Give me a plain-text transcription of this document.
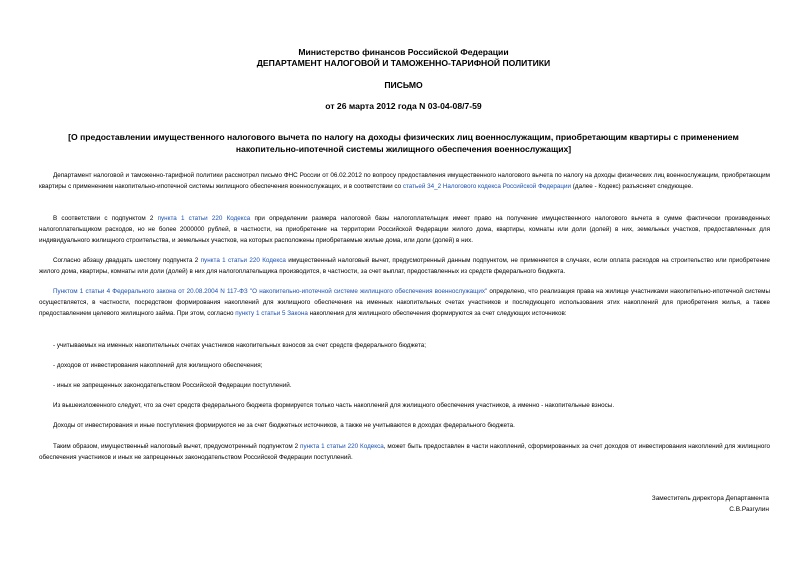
Министерство финансов Российской Федерации
ДЕПАРТАМЕНТ НАЛОГОВОЙ И ТАМОЖЕННО-ТАРИФНОЙ ПОЛИТИКИ
ПИСЬМО
от 26 марта 2012 года N 03-04-08/7-59
[О предоставлении имущественного налогового вычета по налогу на доходы физических лиц военнослужащим, приобретающим квартиры с применением накопительно-ипотечной системы жилищного обеспечения военнослужащих]

Департамент налоговой и таможенно-тарифной политики рассмотрел письмо ФНС России от 06.02.2012 по вопросу предоставления имущественного налогового вычета по налогу на доходы физических лиц военнослужащим, приобретающим квартиры с применением накопительно-ипотечной системы жилищного обеспечения военнослужащих, и в соответствии со статьей 34_2 Налогового кодекса Российской Федерации (далее - Кодекс) разъясняет следующее.

В соответствии с подпунктом 2 пункта 1 статьи 220 Кодекса при определении размера налоговой базы налогоплательщик имеет право на получение имущественного налогового вычета в сумме фактически произведенных налогоплательщиком расходов, но не более 2000000 рублей, в частности, на приобретение на территории Российской Федерации жилого дома, квартиры, комнаты или доли (долей) в них, земельных участков, предоставленных для индивидуального жилищного строительства, и земельных участков, на которых расположены приобретаемые жилые дома, или доли (долей) в них.

Согласно абзацу двадцать шестому подпункта 2 пункта 1 статьи 220 Кодекса имущественный налоговый вычет, предусмотренный данным подпунктом, не применяется в случаях, если оплата расходов на строительство или приобретение жилого дома, квартиры, комнаты или доли (долей) в них для налогоплательщика производится, в частности, за счет выплат, предоставленных из средств федерального бюджета.

Пунктом 1 статьи 4 Федерального закона от 20.08.2004 N 117-ФЗ "О накопительно-ипотечной системе жилищного обеспечения военнослужащих" определено, что реализация права на жилище участниками накопительно-ипотечной системы осуществляется, в частности, посредством формирования накоплений для жилищного обеспечения на именных накопительных счетах участников и последующего использования этих накоплений для приобретения жилья, а также предоставлением целевого жилищного займа. При этом, согласно пункту 1 статьи 5 Закона накопления для жилищного обеспечения формируются за счет следующих источников:

- учитываемых на именных накопительных счетах участников накопительных взносов за счет средств федерального бюджета;

- доходов от инвестирования накоплений для жилищного обеспечения;

- иных не запрещенных законодательством Российской Федерации поступлений.

Из вышеизложенного следует, что за счет средств федерального бюджета формируется только часть накоплений для жилищного обеспечения участников, а именно - накопительные взносы.

Доходы от инвестирования и иные поступления формируются не за счет бюджетных источников, а также не учитываются в доходах федерального бюджета.

Таким образом, имущественный налоговый вычет, предусмотренный подпунктом 2 пункта 1 статьи 220 Кодекса, может быть предоставлен в части накоплений, сформированных за счет доходов от инвестирования накоплений для жилищного обеспечения участников и иных не запрещенных законодательством Российской Федерации поступлений.

Заместитель директора Департамента
С.В.Разгулин
